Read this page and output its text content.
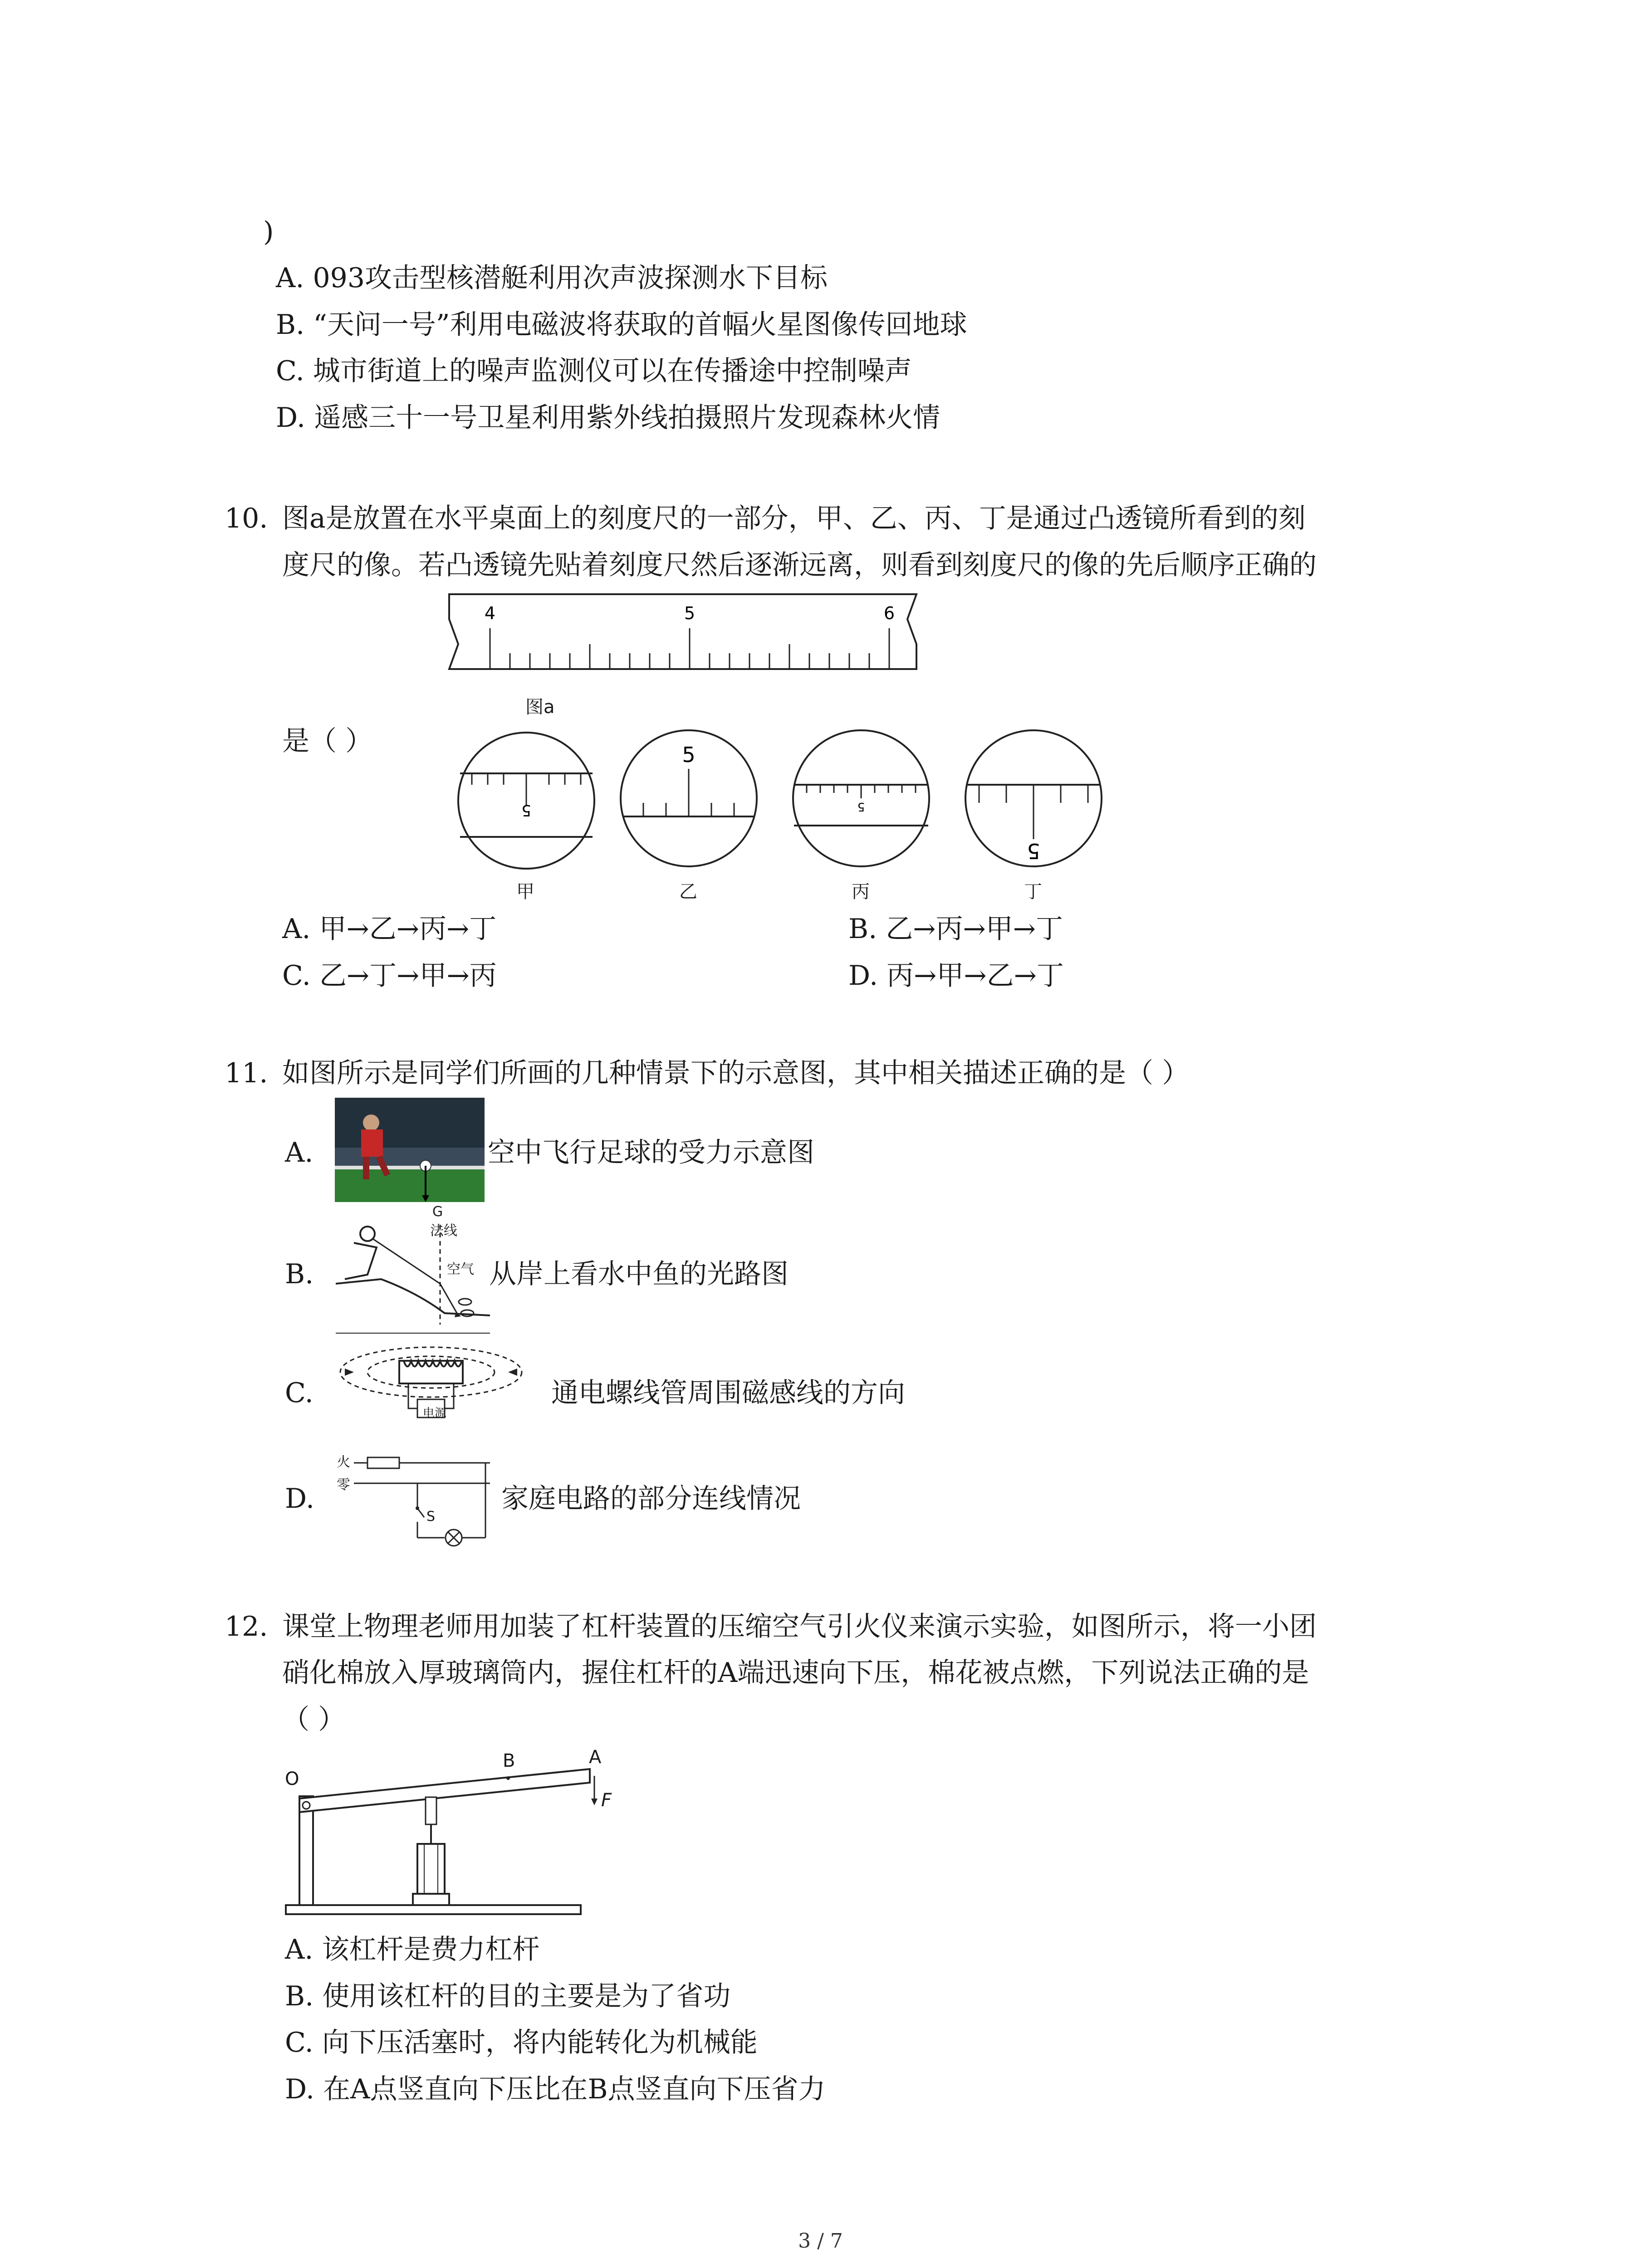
)
A. 093攻击型核潜艇利用次声波探测水下目标
B. “天问一号”利用电磁波将获取的首幅火星图像传回地球
C. 城市街道上的噪声监测仪可以在传播途中控制噪声
D. 遥感三十一号卫星利用紫外线拍摄照片发现森林火情
10. 图a是放置在水平桌面上的刻度尺的一部分，甲、乙、丙、丁是通过凸透镜所看到的刻
度尺的像。若凸透镜先贴着刻度尺然后逐渐远离，则看到刻度尺的像的先后顺序正确的
4	5	6
图a
是（ ）
5
5
5
5
甲	乙	丙	丁
A. 甲→乙→丙→丁	B. 乙→丙→甲→丁
C. 乙→丁→甲→丙	D. 丙→甲→乙→丁
11. 如图所示是同学们所画的几种情景下的示意图，其中相关描述正确的是（ ）
A.
G
空中飞行足球的受力示意图
B.
法线
空气 从岸上看水中鱼的光路图
C.
电源
通电螺线管周围磁感线的方向
D.
火
零
S
家庭电路的部分连线情况
12. 课堂上物理老师用加装了杠杆装置的压缩空气引火仪来演示实验，如图所示，将一小团
硝化棉放入厚玻璃筒内，握住杠杆的A端迅速向下压，棉花被点燃，下列说法正确的是
（ ）
O
B	A
F
A. 该杠杆是费力杠杆
B. 使用该杠杆的目的主要是为了省功
C. 向下压活塞时，将内能转化为机械能
D. 在A点竖直向下压比在B点竖直向下压省力
3 / 7
